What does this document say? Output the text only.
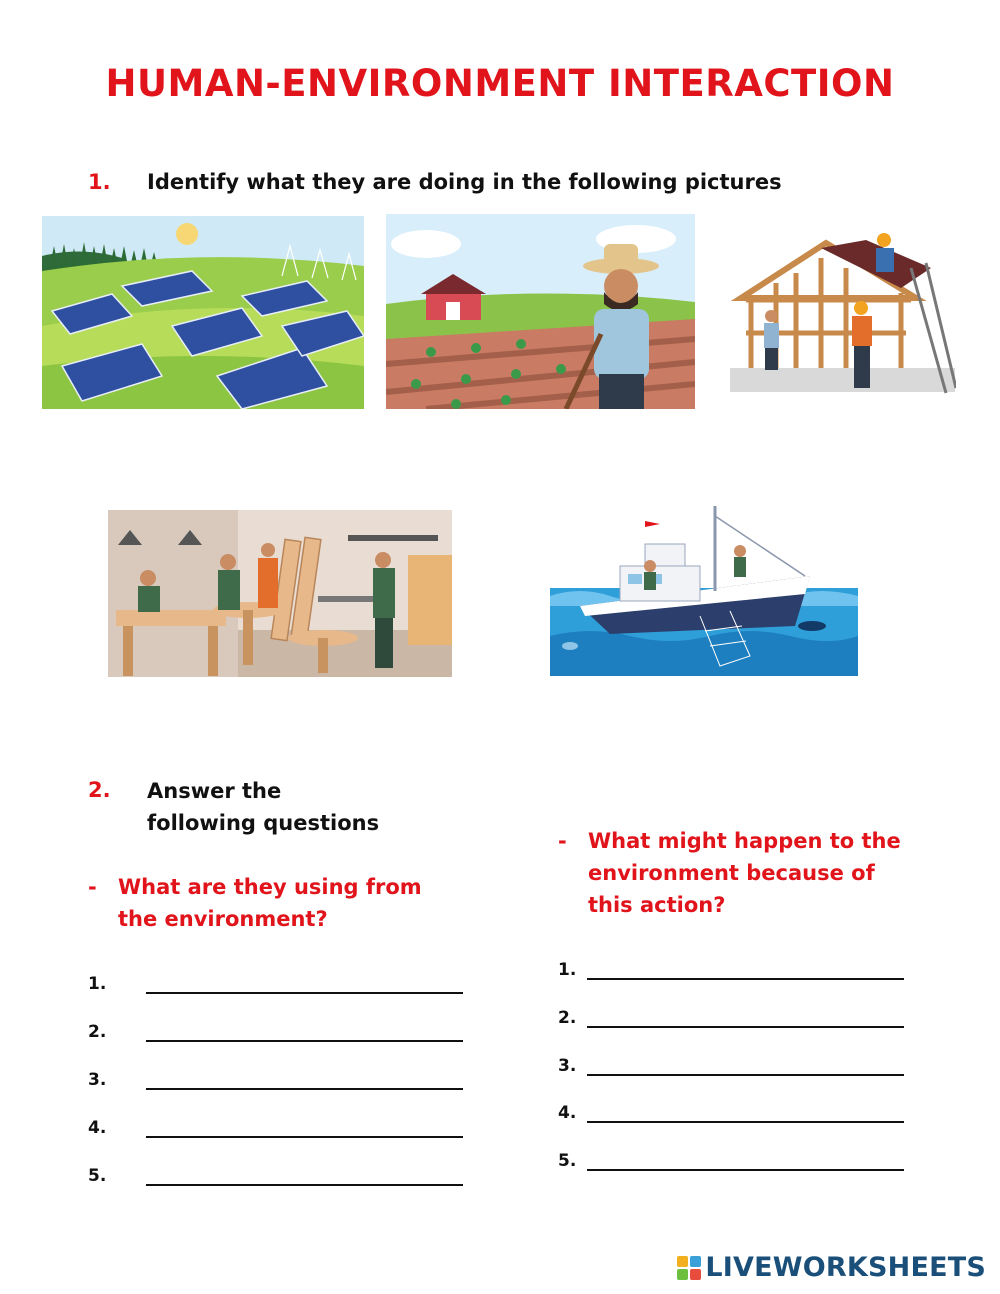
HUMAN-ENVIRONMENT INTERACTION
1. Identify what they are doing in the following pictures
2. Answer the following questions
- What are they using from the environment?
- What might happen to the environment because of this action?
1.
2.
3.
4.
5.
1.
2.
3.
4.
5.
LIVEWORKSHEETS
